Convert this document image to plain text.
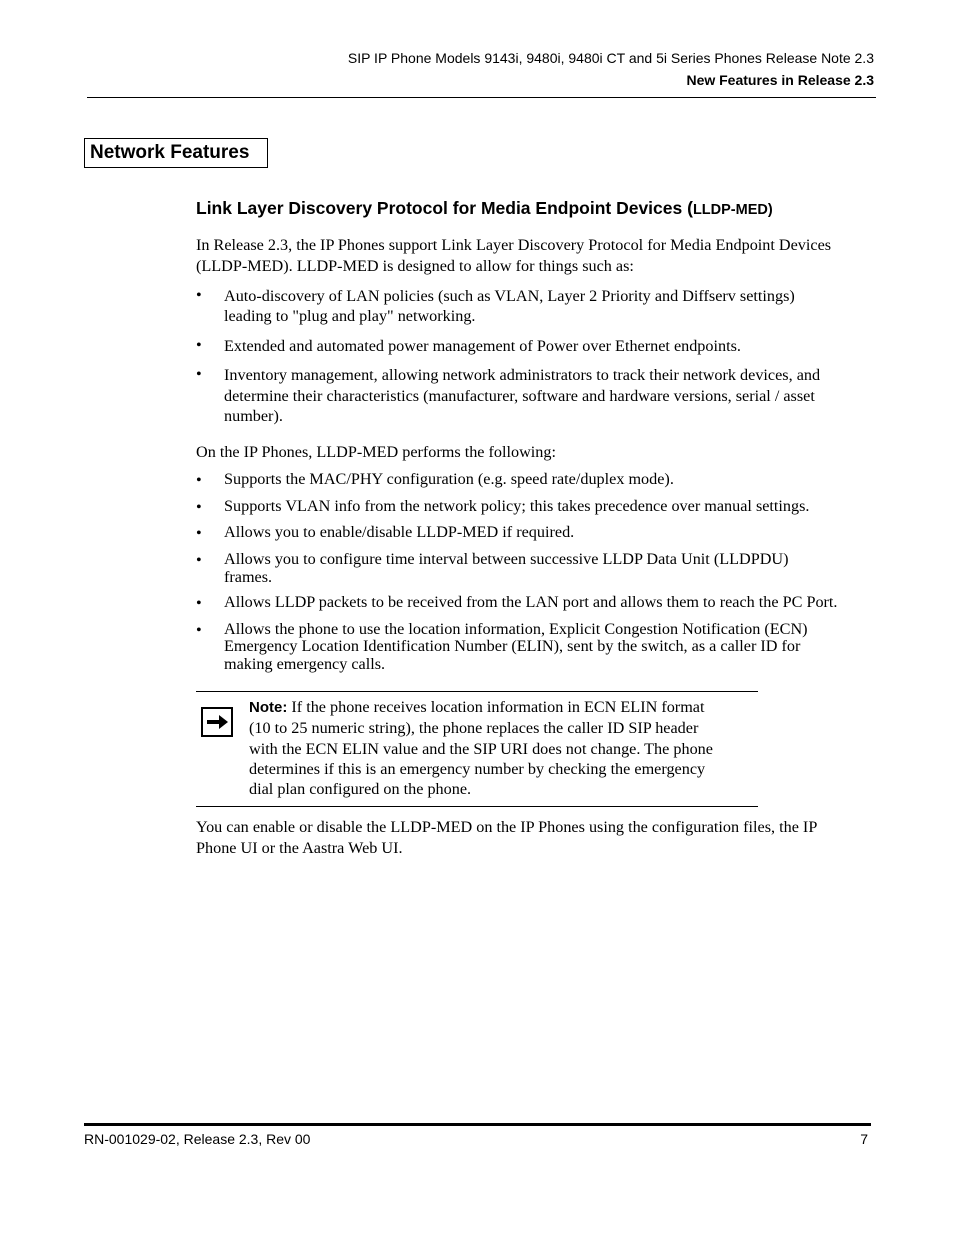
SIP IP Phone Models 9143i, 9480i, 9480i CT and 5i Series Phones Release Note 2.3
New Features in Release 2.3
Network Features
Link Layer Discovery Protocol for Media Endpoint Devices (LLDP-MED)
In Release 2.3, the IP Phones support Link Layer Discovery Protocol for Media Endpoint Devices
(LLDP-MED). LLDP-MED is designed to allow for things such as:
• Auto-discovery of LAN policies (such as VLAN, Layer 2 Priority and Diffserv settings)
leading to "plug and play" networking.
• Extended and automated power management of Power over Ethernet endpoints.
• Inventory management, allowing network administrators to track their network devices, and
determine their characteristics (manufacturer, software and hardware versions, serial / asset
number).
On the IP Phones, LLDP-MED performs the following:
• Supports the MAC/PHY configuration (e.g. speed rate/duplex mode).
• Supports VLAN info from the network policy; this takes precedence over manual settings.
• Allows you to enable/disable LLDP-MED if required.
• Allows you to configure time interval between successive LLDP Data Unit (LLDPDU)
frames.
• Allows LLDP packets to be received from the LAN port and allows them to reach the PC Port.
• Allows the phone to use the location information, Explicit Congestion Notification (ECN)
Emergency Location Identification Number (ELIN), sent by the switch, as a caller ID for
making emergency calls.
Note: If the phone receives location information in ECN ELIN format
(10 to 25 numeric string), the phone replaces the caller ID SIP header
with the ECN ELIN value and the SIP URI does not change. The phone
determines if this is an emergency number by checking the emergency
dial plan configured on the phone.
You can enable or disable the LLDP-MED on the IP Phones using the configuration files, the IP
Phone UI or the Aastra Web UI.
RN-001029-02, Release 2.3, Rev 00	7
